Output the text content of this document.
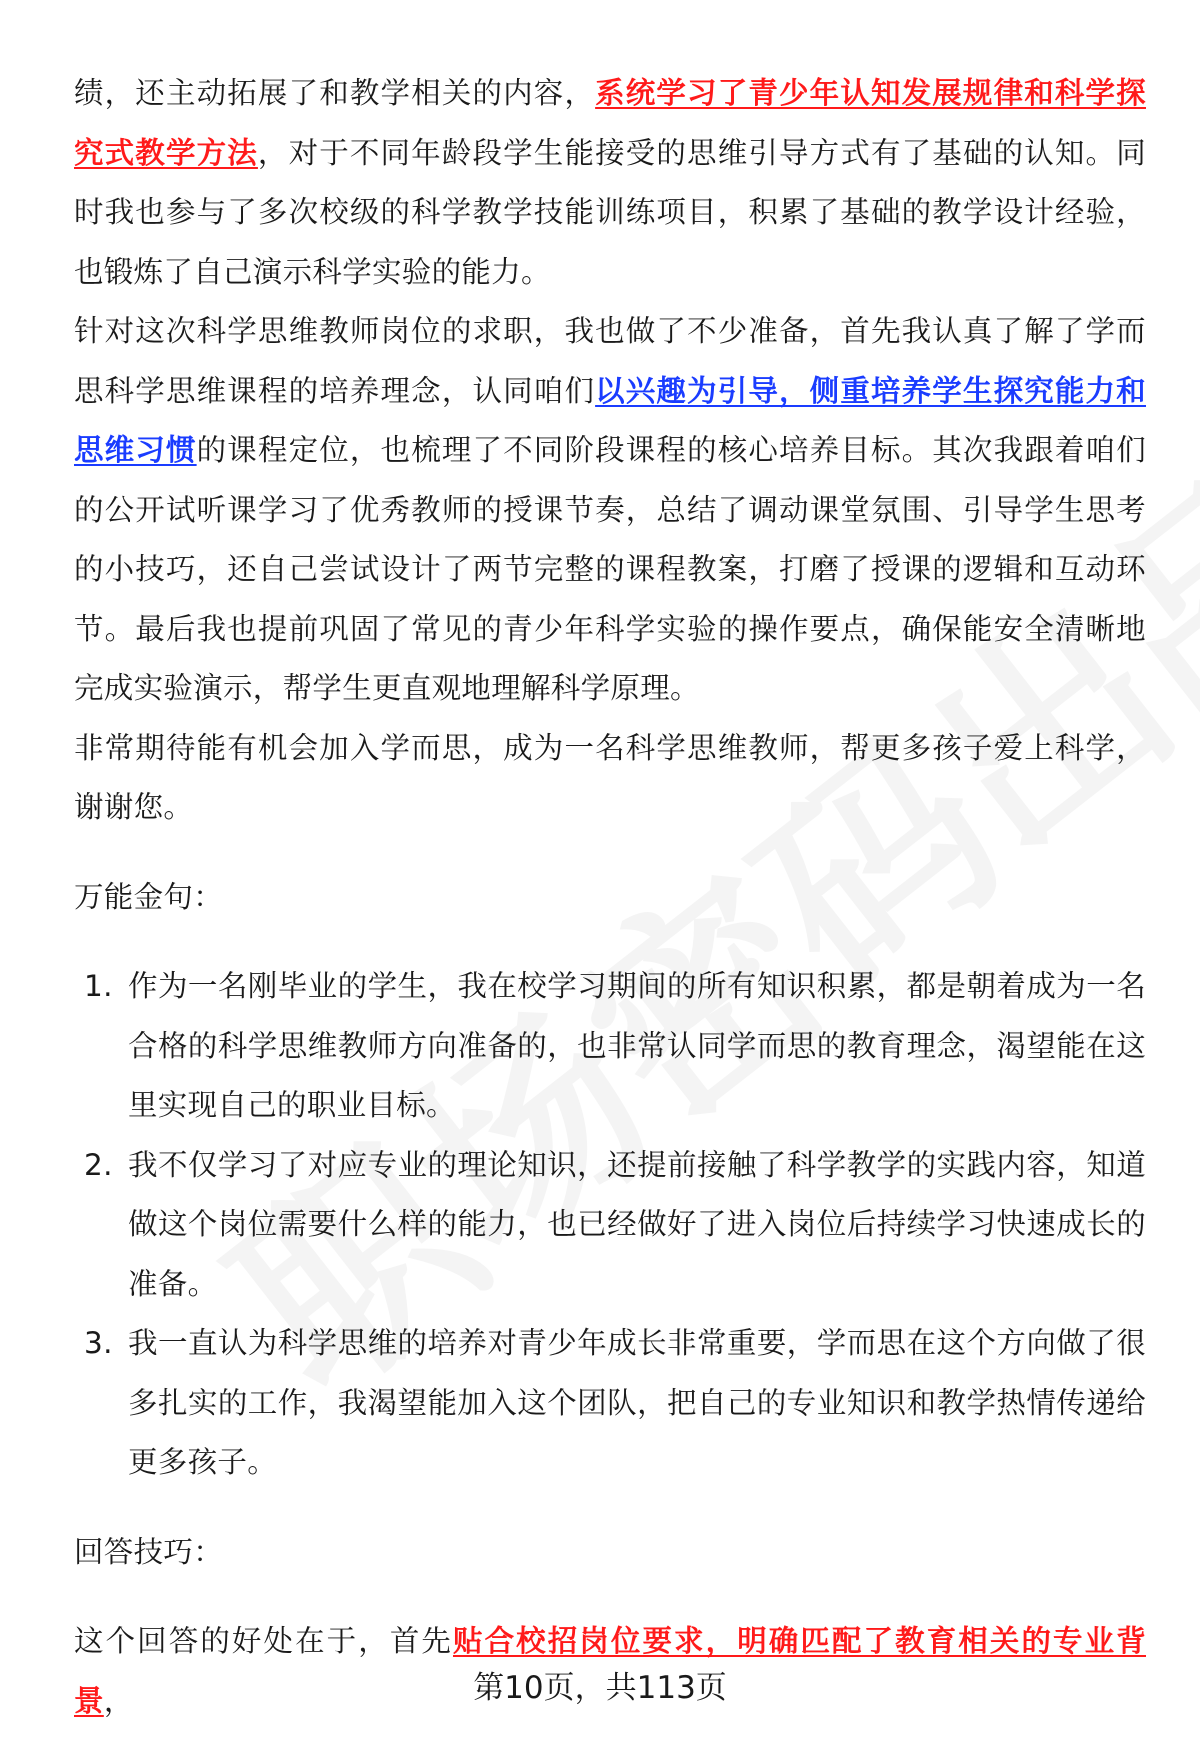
绩，还主动拓展了和教学相关的内容，系统学习了青少年认知发展规律和科学探究式教学方法，对于不同年龄段学生能接受的思维引导方式有了基础的认知。同时我也参与了多次校级的科学教学技能训练项目，积累了基础的教学设计经验，也锻炼了自己演示科学实验的能力。

针对这次科学思维教师岗位的求职，我也做了不少准备，首先我认真了解了学而思科学思维课程的培养理念，认同咱们以兴趣为引导，侧重培养学生探究能力和思维习惯的课程定位，也梳理了不同阶段课程的核心培养目标。其次我跟着咱们的公开试听课学习了优秀教师的授课节奏，总结了调动课堂氛围、引导学生思考的小技巧，还自己尝试设计了两节完整的课程教案，打磨了授课的逻辑和互动环节。最后我也提前巩固了常见的青少年科学实验的操作要点，确保能安全清晰地完成实验演示，帮学生更直观地理解科学原理。

非常期待能有机会加入学而思，成为一名科学思维教师，帮更多孩子爱上科学，谢谢您。

万能金句：

1. 作为一名刚毕业的学生，我在校学习期间的所有知识积累，都是朝着成为一名合格的科学思维教师方向准备的，也非常认同学而思的教育理念，渴望能在这里实现自己的职业目标。
2. 我不仅学习了对应专业的理论知识，还提前接触了科学教学的实践内容，知道做这个岗位需要什么样的能力，也已经做好了进入岗位后持续学习快速成长的准备。
3. 我一直认为科学思维的培养对青少年成长非常重要，学而思在这个方向做了很多扎实的工作，我渴望能加入这个团队，把自己的专业知识和教学热情传递给更多孩子。

回答技巧：

这个回答的好处在于，首先贴合校招岗位要求，明确匹配了教育相关的专业背景，	第10页，共113页
